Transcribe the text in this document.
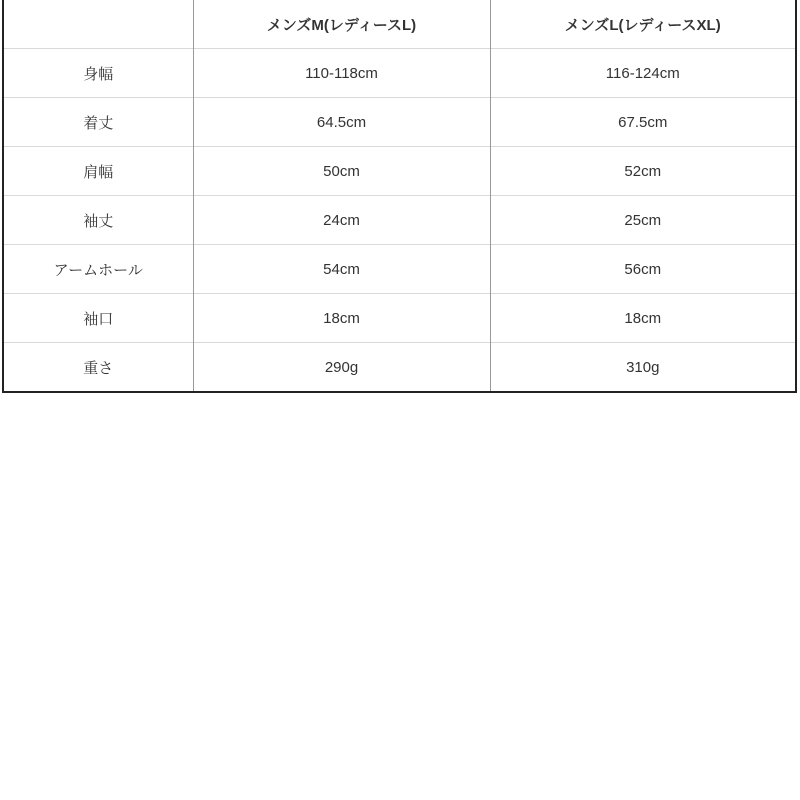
	メンズM(レディースL)	メンズL(レディースXL)
身幅	110-118cm	116-124cm
着丈	64.5cm	67.5cm
肩幅	50cm	52cm
袖丈	24cm	25cm
アームホール	54cm	56cm
袖口	18cm	18cm
重さ	290g	310g
